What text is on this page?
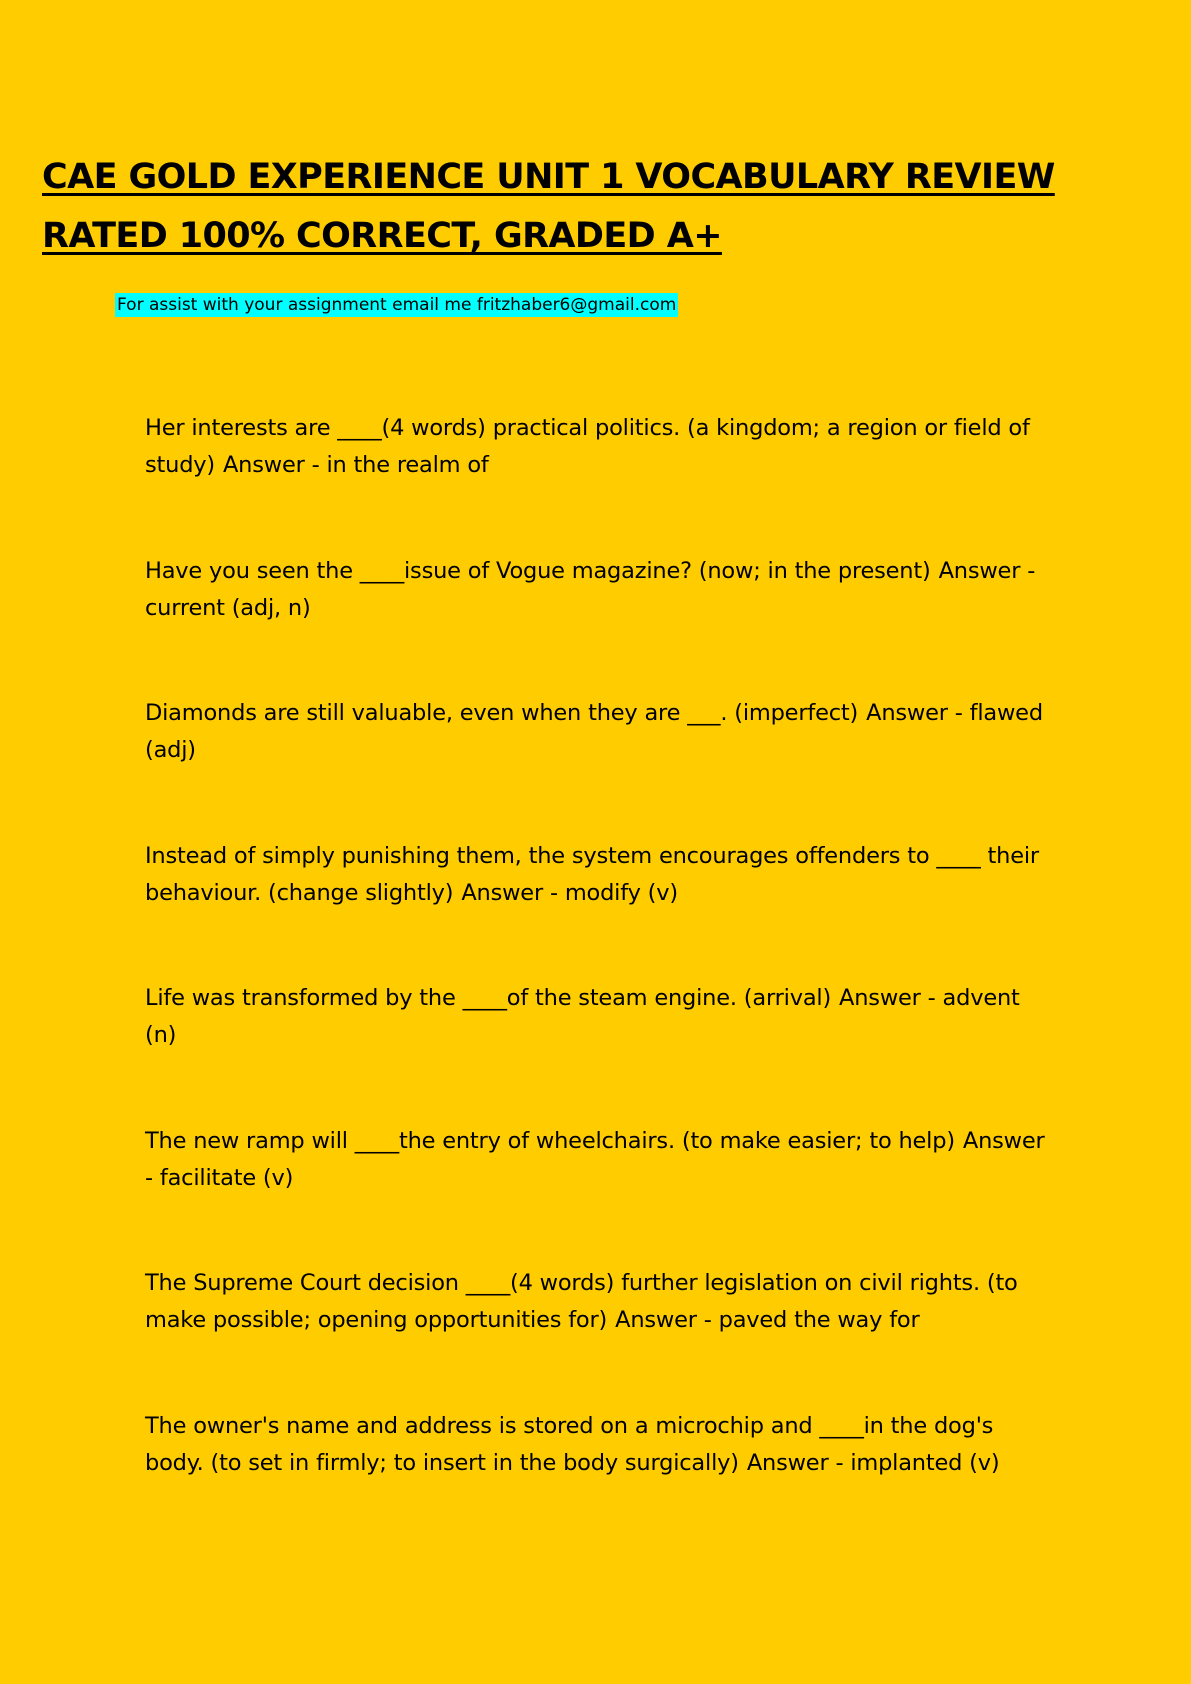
CAE GOLD EXPERIENCE UNIT 1 VOCABULARY REVIEW
RATED 100% CORRECT, GRADED A+
For assist with your assignment email me fritzhaber6@gmail.com
Her interests are ____(4 words) practical politics. (a kingdom; a region or field of study) Answer - in the realm of
Have you seen the ____issue of Vogue magazine? (now; in the present) Answer - current (adj, n)
Diamonds are still valuable, even when they are ___. (imperfect) Answer - flawed (adj)
Instead of simply punishing them, the system encourages offenders to ____ their behaviour. (change slightly) Answer - modify (v)
Life was transformed by the ____of the steam engine. (arrival) Answer - advent (n)
The new ramp will ____the entry of wheelchairs. (to make easier; to help) Answer - facilitate (v)
The Supreme Court decision ____(4 words) further legislation on civil rights. (to make possible; opening opportunities for) Answer - paved the way for
The owner's name and address is stored on a microchip and ____in the dog's body. (to set in firmly; to insert in the body surgically) Answer - implanted (v)
